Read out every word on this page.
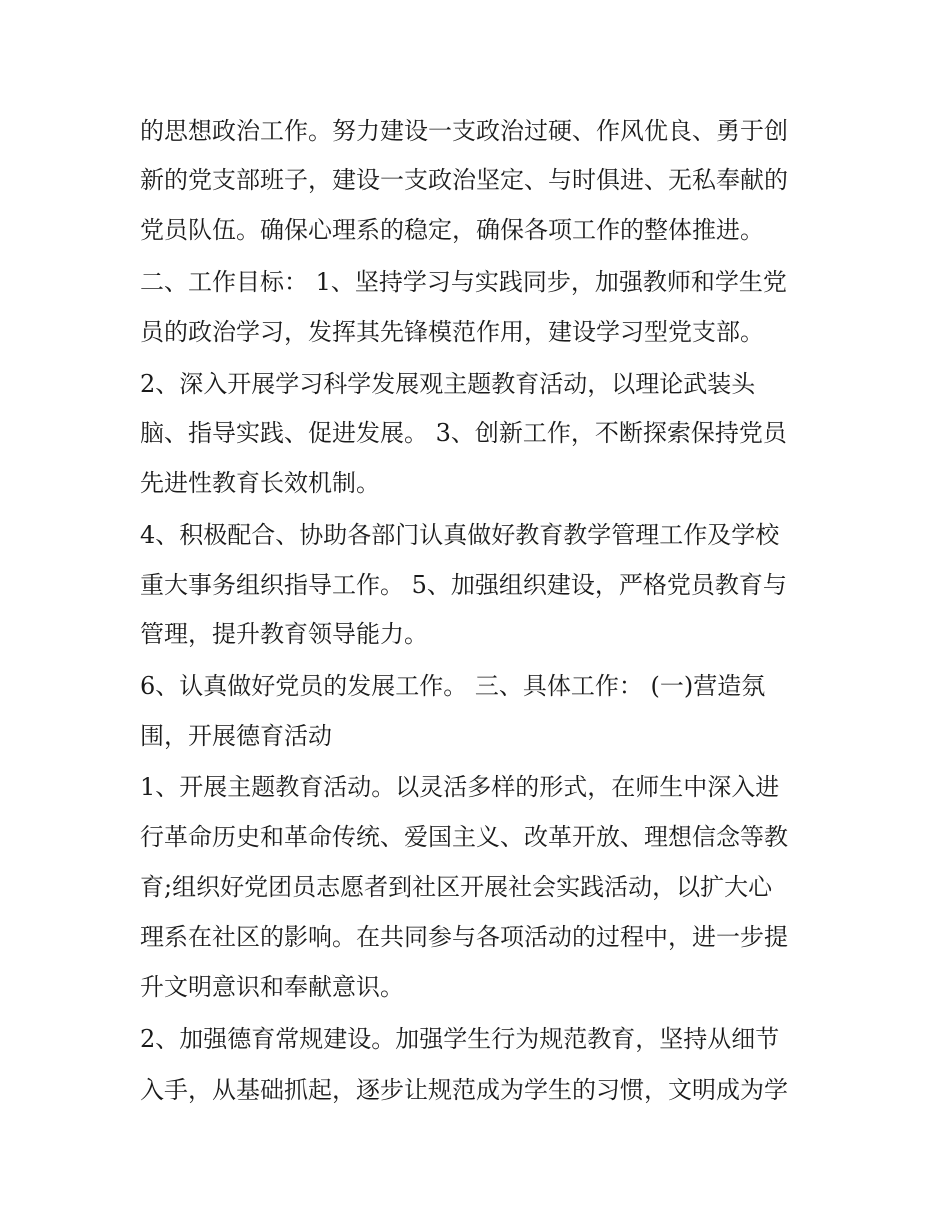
的思想政治工作。努力建设一支政治过硬、作风优良、勇于创
新的党支部班子，建设一支政治坚定、与时俱进、无私奉献的
党员队伍。确保心理系的稳定，确保各项工作的整体推进。
二、工作目标： 1、坚持学习与实践同步，加强教师和学生党
员的政治学习，发挥其先锋模范作用，建设学习型党支部。
2、深入开展学习科学发展观主题教育活动，以理论武装头
脑、指导实践、促进发展。 3、创新工作，不断探索保持党员
先进性教育长效机制。
4、积极配合、协助各部门认真做好教育教学管理工作及学校
重大事务组织指导工作。 5、加强组织建设，严格党员教育与
管理，提升教育领导能力。
6、认真做好党员的发展工作。 三、具体工作： (一)营造氛
围，开展德育活动
1、开展主题教育活动。以灵活多样的形式，在师生中深入进
行革命历史和革命传统、爱国主义、改革开放、理想信念等教
育;组织好党团员志愿者到社区开展社会实践活动，以扩大心
理系在社区的影响。在共同参与各项活动的过程中，进一步提
升文明意识和奉献意识。
2、加强德育常规建设。加强学生行为规范教育，坚持从细节
入手，从基础抓起，逐步让规范成为学生的习惯，文明成为学
